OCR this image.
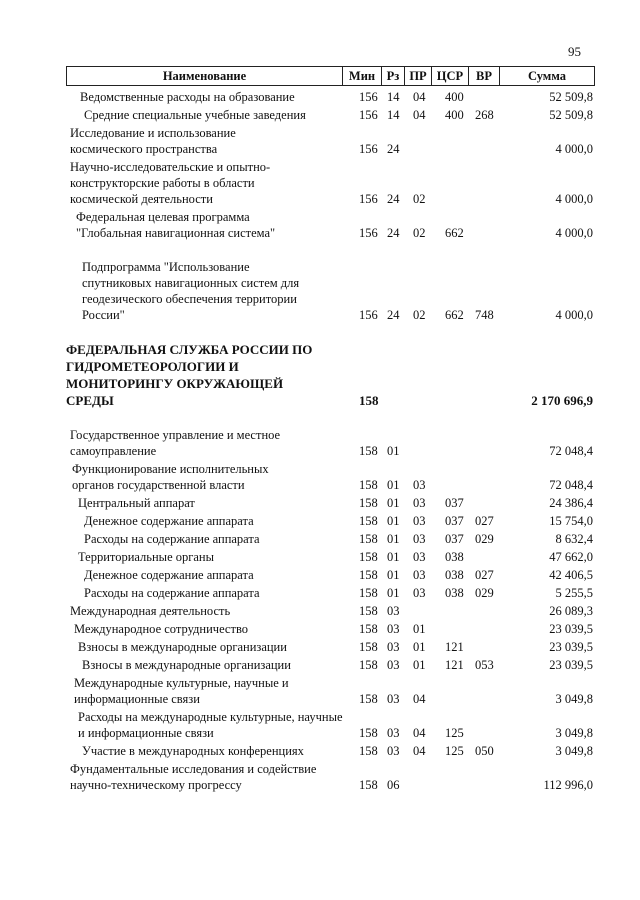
95
Наименование	Мин Рз ПР ЦСР	ВР	Сумма
Ведомственные расходы на образование	156	14	04	400		52 509,8
Средние специальные учебные заведения	156	14	04	400	268	52 509,8
Исследование и использование космического пространства	156	24				4 000,0
Научно-исследовательские и опытно-конструкторские работы в области космической деятельности	156	24	02			4 000,0
Федеральная целевая программа "Глобальная навигационная система"	156	24	02	662		4 000,0

Подпрограмма "Использование спутниковых навигационных систем для геодезического обеспечения территории России"	156	24	02	662	748	4 000,0

ФЕДЕРАЛЬНАЯ СЛУЖБА РОССИИ ПО ГИДРОМЕТЕОРОЛОГИИ И МОНИТОРИНГУ ОКРУЖАЮЩЕЙ СРЕДЫ	158					2 170 696,9

Государственное управление и местное самоуправление	158	01				72 048,4
Функционирование исполнительных органов государственной власти	158	01	03			72 048,4
Центральный аппарат	158	01	03	037		24 386,4
Денежное содержание аппарата	158	01	03	037	027	15 754,0
Расходы на содержание аппарата	158	01	03	037	029	8 632,4
Территориальные органы	158	01	03	038		47 662,0
Денежное содержание аппарата	158	01	03	038	027	42 406,5
Расходы на содержание аппарата	158	01	03	038	029	5 255,5
Международная деятельность	158	03				26 089,3
Международное сотрудничество	158	03	01			23 039,5
Взносы в международные организации	158	03	01	121		23 039,5
Взносы в международные организации	158	03	01	121	053	23 039,5
Международные культурные, научные и информационные связи	158	03	04			3 049,8
Расходы на международные культурные, научные и информационные связи	158	03	04	125		3 049,8
Участие в международных конференциях	158	03	04	125	050	3 049,8
Фундаментальные исследования и содействие научно-техническому прогрессу	158	06				112 996,0
